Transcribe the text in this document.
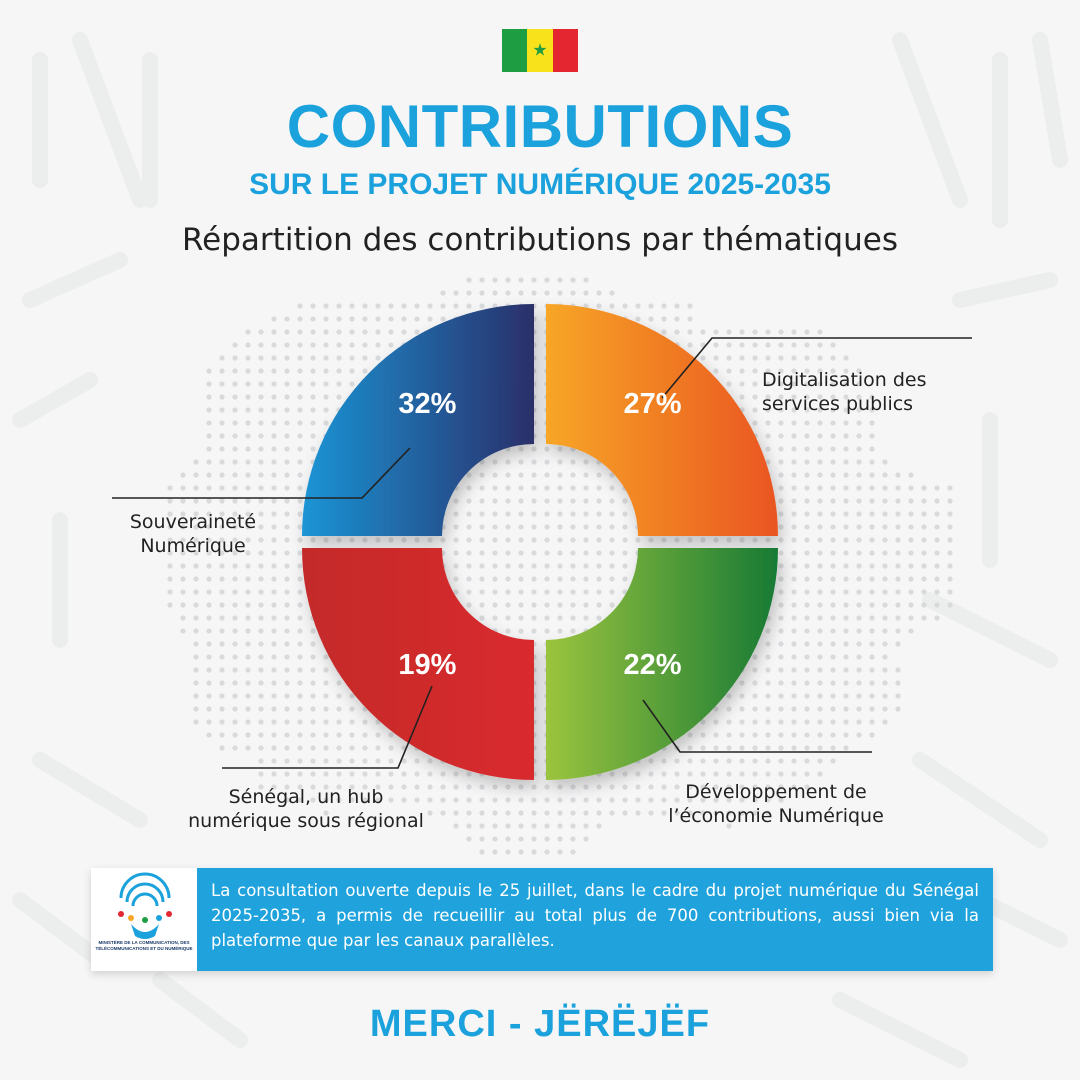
★
CONTRIBUTIONS
SUR LE PROJET NUMÉRIQUE 2025-2035
Répartition des contributions par thématiques
32%	27%
22%
19%
Souveraineté
Numérique
Digitalisation des
services publics
Développement de
l’économie Numérique
Sénégal, un hub
numérique sous régional
MINISTÈRE DE LA COMMUNICATION, DES TÉLÉCOMMUNICATIONS ET DU NUMÉRIQUE
La consultation ouverte depuis le 25 juillet, dans le cadre du projet numérique du Sénégal 2025-2035, a permis de recueillir au total plus de 700 contributions, aussi bien via la plateforme que par les canaux parallèles.
MERCI - JËRËJËF
